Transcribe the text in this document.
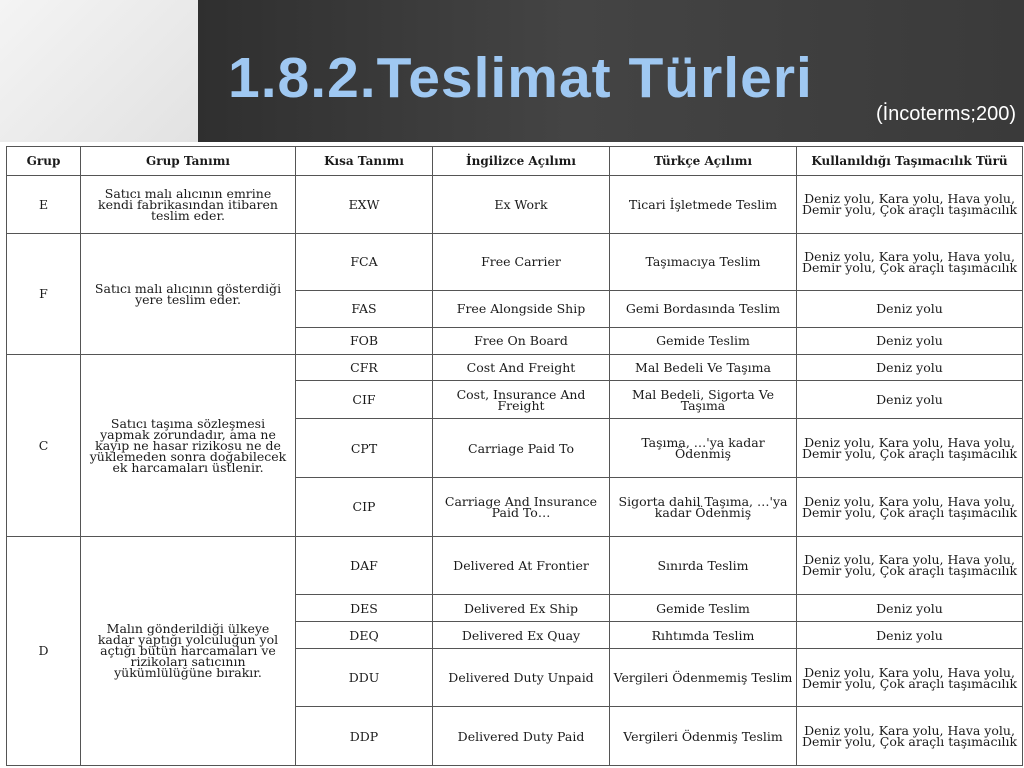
1.8.2.Teslimat Türleri
(İncoterms;200)
Grup	Grup Tanımı	Kısa Tanımı	İngilizce Açılımı	Türkçe Açılımı	Kullanıldığı Taşımacılık Türü
E	Satıcı malı alıcının emrine kendi fabrikasından itibaren teslim eder.	EXW	Ex Work	Ticari İşletmede Teslim	Deniz yolu, Kara yolu, Hava yolu, Demir yolu, Çok araçlı taşımacılık
F	Satıcı malı alıcının gösterdiği yere teslim eder.	FCA	Free Carrier	Taşımacıya Teslim	Deniz yolu, Kara yolu, Hava yolu, Demir yolu, Çok araçlı taşımacılık
		FAS	Free Alongside Ship	Gemi Bordasında Teslim	Deniz yolu
		FOB	Free On Board	Gemide Teslim	Deniz yolu
C	Satıcı taşıma sözleşmesi yapmak zorundadır, ama ne kayıp ne hasar rizikosu ne de yüklemeden sonra doğabilecek ek harcamaları üstlenir.	CFR	Cost And Freight	Mal Bedeli Ve Taşıma	Deniz yolu
		CIF	Cost, Insurance And Freight	Mal Bedeli, Sigorta Ve Taşıma	Deniz yolu
		CPT	Carriage Paid To	Taşıma, …'ya kadar Ödenmiş	Deniz yolu, Kara yolu, Hava yolu, Demir yolu, Çok araçlı taşımacılık
		CIP	Carriage And Insurance Paid To…	Sigorta dahil Taşıma, …'ya kadar Ödenmiş	Deniz yolu, Kara yolu, Hava yolu, Demir yolu, Çok araçlı taşımacılık
D	Malın gönderildiği ülkeye kadar yaptığı yolculuğun yol açtığı bütün harcamaları ve rizikoları satıcının yükümlülüğüne bırakır.	DAF	Delivered At Frontier	Sınırda Teslim	Deniz yolu, Kara yolu, Hava yolu, Demir yolu, Çok araçlı taşımacılık
		DES	Delivered Ex Ship	Gemide Teslim	Deniz yolu
		DEQ	Delivered Ex Quay	Rıhtımda Teslim	Deniz yolu
		DDU	Delivered Duty Unpaid	Vergileri Ödenmemiş Teslim	Deniz yolu, Kara yolu, Hava yolu, Demir yolu, Çok araçlı taşımacılık
		DDP	Delivered Duty Paid	Vergileri Ödenmiş Teslim	Deniz yolu, Kara yolu, Hava yolu, Demir yolu, Çok araçlı taşımacılık
